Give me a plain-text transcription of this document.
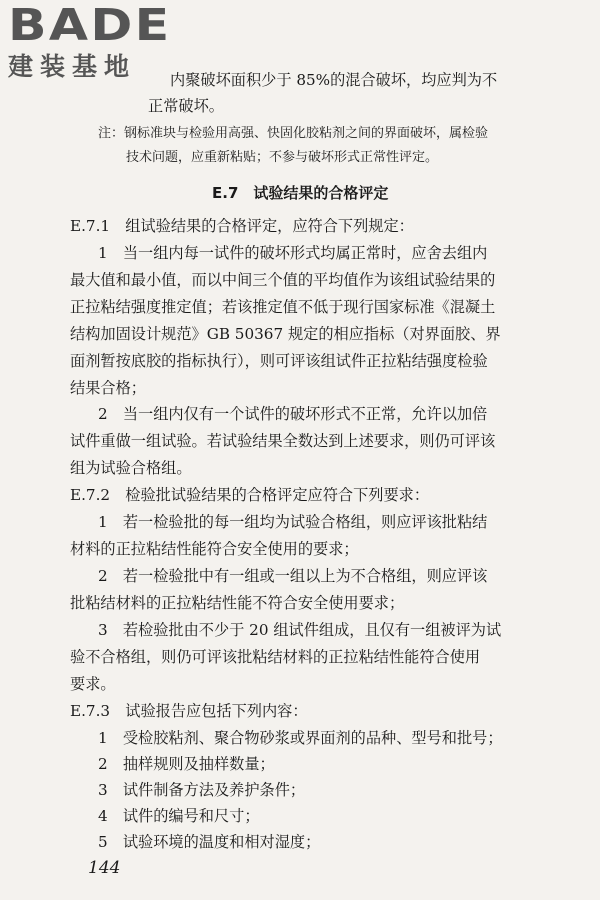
BADE
建装基地	内聚破坏面积少于 85%的混合破坏，均应判为不
正常破坏。
注：钢标准块与检验用高强、快固化胶粘剂之间的界面破坏，属检验
技术问题，应重新粘贴；不参与破坏形式正常性评定。
E.7　试验结果的合格评定
E.7.1　组试验结果的合格评定，应符合下列规定：
1　当一组内每一试件的破坏形式均属正常时，应舍去组内
最大值和最小值，而以中间三个值的平均值作为该组试验结果的
正拉粘结强度推定值；若该推定值不低于现行国家标准《混凝土
结构加固设计规范》GB 50367 规定的相应指标（对界面胶、界
面剂暂按底胶的指标执行），则可评该组试件正拉粘结强度检验
结果合格；
2　当一组内仅有一个试件的破坏形式不正常，允许以加倍
试件重做一组试验。若试验结果全数达到上述要求，则仍可评该
组为试验合格组。
E.7.2　检验批试验结果的合格评定应符合下列要求：
1　若一检验批的每一组均为试验合格组，则应评该批粘结
材料的正拉粘结性能符合安全使用的要求；
2　若一检验批中有一组或一组以上为不合格组，则应评该
批粘结材料的正拉粘结性能不符合安全使用要求；
3　若检验批由不少于 20 组试件组成，且仅有一组被评为试
验不合格组，则仍可评该批粘结材料的正拉粘结性能符合使用
要求。
E.7.3　试验报告应包括下列内容：
1　受检胶粘剂、聚合物砂浆或界面剂的品种、型号和批号；
2　抽样规则及抽样数量；
3　试件制备方法及养护条件；
4　试件的编号和尺寸；
5　试验环境的温度和相对湿度；
144
